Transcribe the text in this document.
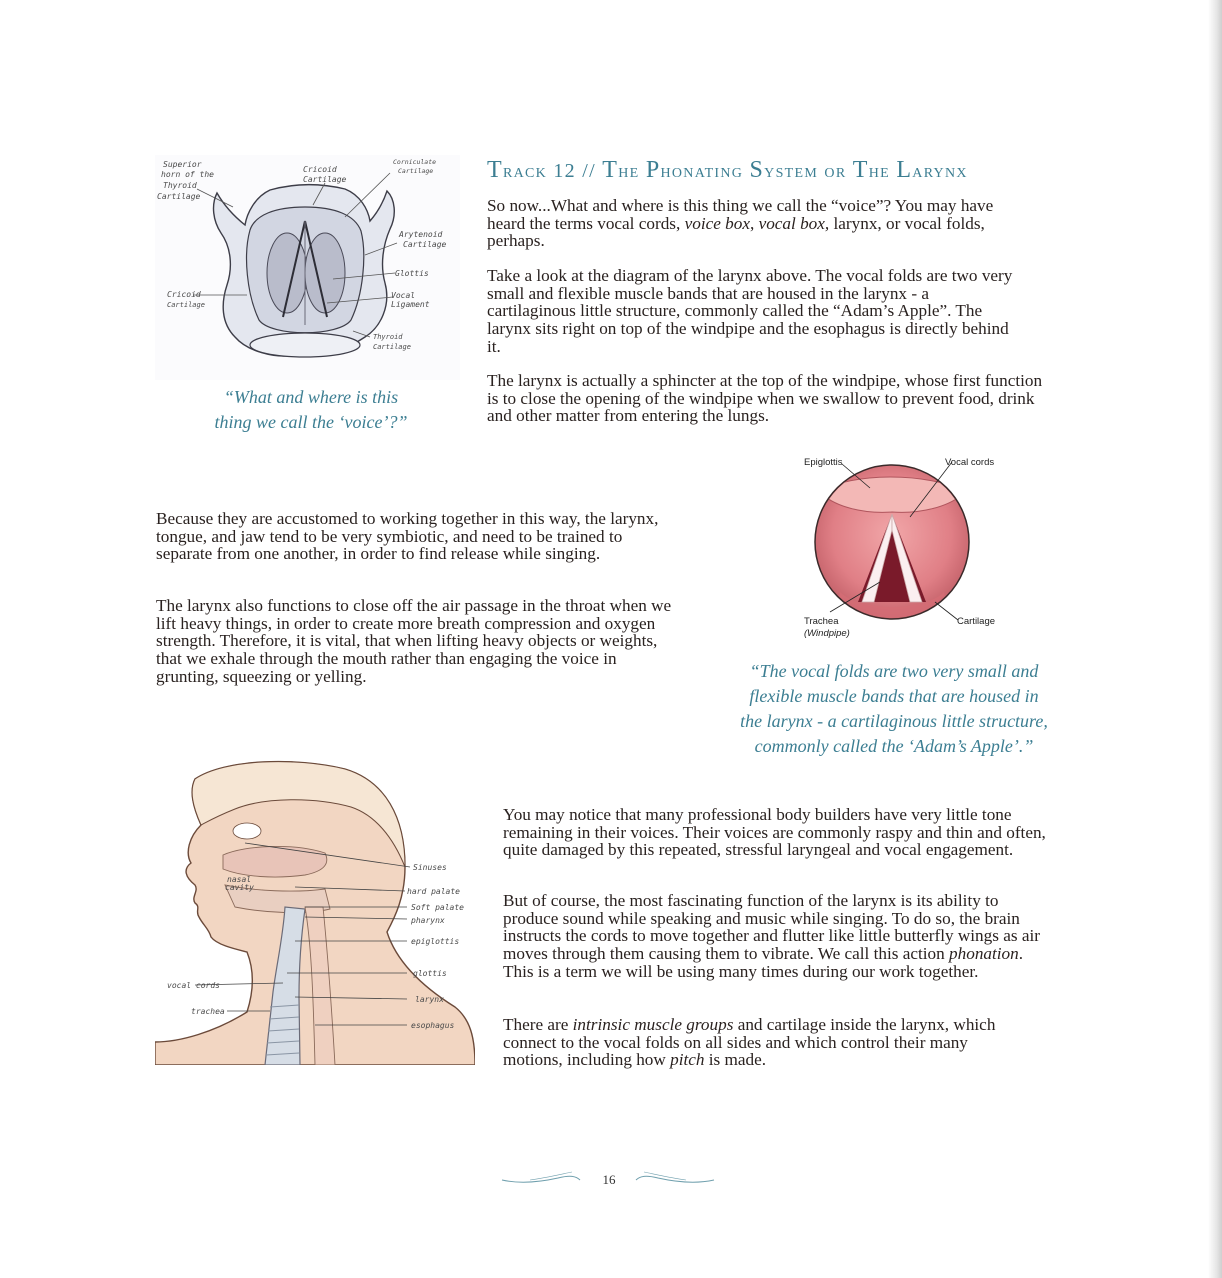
Track 12 // The Phonating System or The Larynx

So now...What and where is this thing we call the “voice”? You may have heard the terms vocal cords, voice box, vocal box, larynx, or vocal folds, perhaps.

Take a look at the diagram of the larynx above. The vocal folds are two very small and flexible muscle bands that are housed in the larynx - a cartilaginous little structure, commonly called the “Adam’s Apple”. The larynx sits right on top of the windpipe and the esophagus is directly behind it.

The larynx is actually a sphincter at the top of the windpipe, whose first function is to close the opening of the windpipe when we swallow to prevent food, drink and other matter from entering the lungs.

Superior
horn of the
Thyroid
Cartilage
Cricoid
Cartilage
Corniculate
Cartilage
Arytenoid
Cartilage
Glottis
Vocal
Ligament
Cricoid
Cartilage
Thyroid
Cartilage
“What and where is this
thing we call the ‘voice’?”

Because they are accustomed to working together in this way, the larynx, tongue, and jaw tend to be very symbiotic, and need to be trained to separate from one another, in order to find release while singing.

The larynx also functions to close off the air passage in the throat when we lift heavy things, in order to create more breath compression and oxygen strength. Therefore, it is vital, that when lifting heavy objects or weights, that we exhale through the mouth rather than engaging the voice in grunting, squeezing or yelling.

Epiglottis	Vocal cords
Trachea
(Windpipe)
Cartilage
“The vocal folds are two very small and
flexible muscle bands that are housed in
the larynx - a cartilaginous little structure,
commonly called the ‘Adam’s Apple’.”
Sinuses
nasal
cavity	hard palate
Soft palate
pharynx
epiglottis
glottis
vocal cords
larynx
trachea
esophagus

You may notice that many professional body builders have very little tone remaining in their voices. Their voices are commonly raspy and thin and often, quite damaged by this repeated, stressful laryngeal and vocal engagement.

But of course, the most fascinating function of the larynx is its ability to produce sound while speaking and music while singing. To do so, the brain instructs the cords to move together and flutter like little butterfly wings as air moves through them causing them to vibrate. We call this action phonation. This is a term we will be using many times during our work together.

There are intrinsic muscle groups and cartilage inside the larynx, which connect to the vocal folds on all sides and which control their many motions, including how pitch is made.

16
